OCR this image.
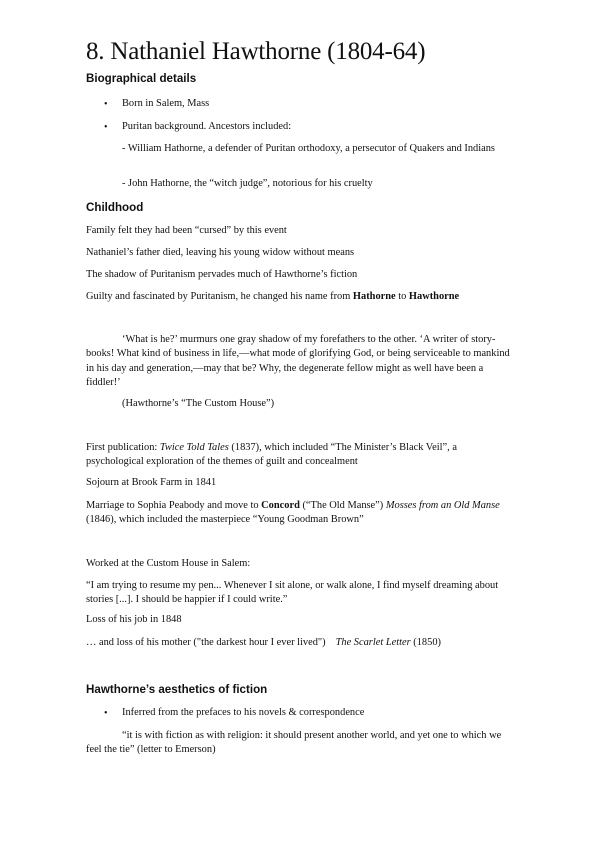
8. Nathaniel Hawthorne (1804-64)
Biographical details
• Born in Salem, Mass

• Puritan background. Ancestors included:

- William Hathorne, a defender of Puritan orthodoxy, a persecutor of Quakers and Indians

- John Hathorne, the “witch judge”, notorious for his cruelty

Childhood

Family felt they had been “cursed” by this event

Nathaniel’s father died, leaving his young widow without means

The shadow of Puritanism pervades much of Hawthorne’s fiction

Guilty and fascinated by Puritanism, he changed his name from Hathorne to Hawthorne

‘What is he?’ murmurs one gray shadow of my forefathers to the other. ‘A writer of story-books! What kind of business in life,—what mode of glorifying God, or being serviceable to mankind in his day and generation,—may that be? Why, the degenerate fellow might as well have been a fiddler!’

(Hawthorne’s “The Custom House”)

First publication: Twice Told Tales (1837), which included “The Minister’s Black Veil”, a psychological exploration of the themes of guilt and concealment

Sojourn at Brook Farm in 1841

Marriage to Sophia Peabody and move to Concord (“The Old Manse”) Mosses from an Old Manse (1846), which included the masterpiece “Young Goodman Brown”

Worked at the Custom House in Salem:

“I am trying to resume my pen... Whenever I sit alone, or walk alone, I find myself dreaming about stories [...]. I should be happier if I could write.”

Loss of his job in 1848

… and loss of his mother ("the darkest hour I ever lived") The Scarlet Letter (1850)

Hawthorne’s aesthetics of fiction
• Inferred from the prefaces to his novels & correspondence

“it is with fiction as with religion: it should present another world, and yet one to which we feel the tie” (letter to Emerson)
